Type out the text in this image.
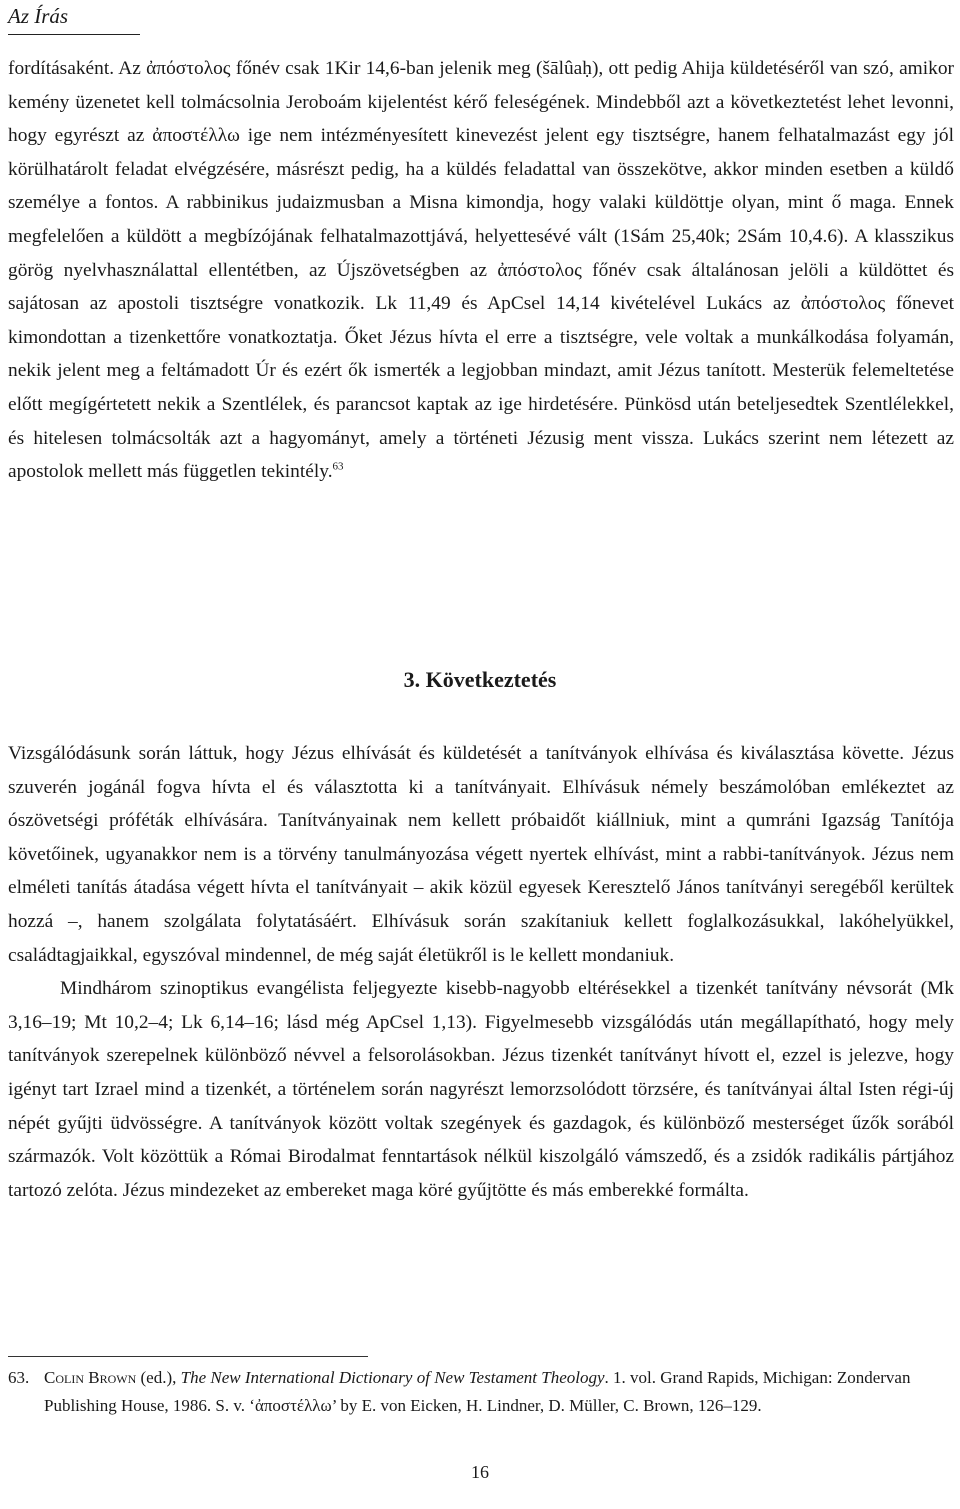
Az Írás

fordításaként. Az ἀπόστολος főnév csak 1Kir 14,6-ban jelenik meg (šālûaḥ), ott pedig Ahija küldetéséről van szó, amikor kemény üzenetet kell tolmácsolnia Jeroboám kijelentést kérő feleségének. Mindebből azt a következtetést lehet levonni, hogy egyrészt az ἀποστέλλω ige nem intézményesített kinevezést jelent egy tisztségre, hanem felhatalmazást egy jól körülhatárolt feladat elvégzésére, másrészt pedig, ha a küldés feladattal van összekötve, akkor minden esetben a küldő személye a fontos. A rabbinikus judaizmusban a Misna kimondja, hogy valaki küldöttje olyan, mint ő maga. Ennek megfelelően a küldött a megbízójának felhatalmazottjává, helyettesévé vált (1Sám 25,40k; 2Sám 10,4.6). A klasszikus görög nyelvhasználattal ellentétben, az Újszövetségben az ἀπόστολος főnév csak általánosan jelöli a küldöttet és sajátosan az apostoli tisztségre vonatkozik. Lk 11,49 és ApCsel 14,14 kivételével Lukács az ἀπόστολος főnevet kimondottan a tizenkettőre vonatkoztatja. Őket Jézus hívta el erre a tisztségre, vele voltak a munkálkodása folyamán, nekik jelent meg a feltámadott Úr és ezért ők ismerték a legjobban mindazt, amit Jézus tanított. Mesterük felemeltetése előtt megígértetett nekik a Szentlélek, és parancsot kaptak az ige hirdetésére. Pünkösd után beteljesedtek Szentlélekkel, és hitelesen tolmácsolták azt a hagyományt, amely a történeti Jézusig ment vissza. Lukács szerint nem létezett az apostolok mellett más független tekintély.$^{63}$

3. Következtetés

Vizsgálódásunk során láttuk, hogy Jézus elhívását és küldetését a tanítványok elhívása és kiválasztása követte. Jézus szuverén jogánál fogva hívta el és választotta ki a tanítványait. Elhívásuk némely beszámolóban emlékeztet az ószövetségi próféták elhívására. Tanítványainak nem kellett próbaidőt kiállniuk, mint a qumráni Igazság Tanítója követőinek, ugyanakkor nem is a törvény tanulmányozása végett nyertek elhívást, mint a rabbi-tanítványok. Jézus nem elméleti tanítás átadása végett hívta el tanítványait – akik közül egyesek Keresztelő János tanítványi seregéből kerültek hozzá –, hanem szolgálata folytatásáért. Elhívásuk során szakítaniuk kellett foglalkozásukkal, lakóhelyükkel, családtagjaikkal, egyszóval mindennel, de még saját életükről is le kellett mondaniuk.

Mindhárom szinoptikus evangélista feljegyezte kisebb-nagyobb eltérésekkel a tizenkét tanítvány névsorát (Mk 3,16–19; Mt 10,2–4; Lk 6,14–16; lásd még ApCsel 1,13). Figyelmesebb vizsgálódás után megállapítható, hogy mely tanítványok szerepelnek különböző névvel a felsorolásokban. Jézus tizenkét tanítványt hívott el, ezzel is jelezve, hogy igényt tart Izrael mind a tizenkét, a történelem során nagyrészt lemorzsolódott törzsére, és tanítványai által Isten régi-új népét gyűjti üdvösségre. A tanítványok között voltak szegények és gazdagok, és különböző mesterséget űzők sorából származók. Volt közöttük a Római Birodalmat fenntartások nélkül kiszolgáló vámszedő, és a zsidók radikális pártjához tartozó zelóta. Jézus mindezeket az embereket maga köré gyűjtötte és más emberekké formálta.

63. Colin Brown (ed.), The New International Dictionary of New Testament Theology. 1. vol. Grand Rapids, Michigan: Zondervan Publishing House, 1986. S. v. ‘ἀποστέλλω’ by E. von Eicken, H. Lindner, D. Müller, C. Brown, 126–129.
16
